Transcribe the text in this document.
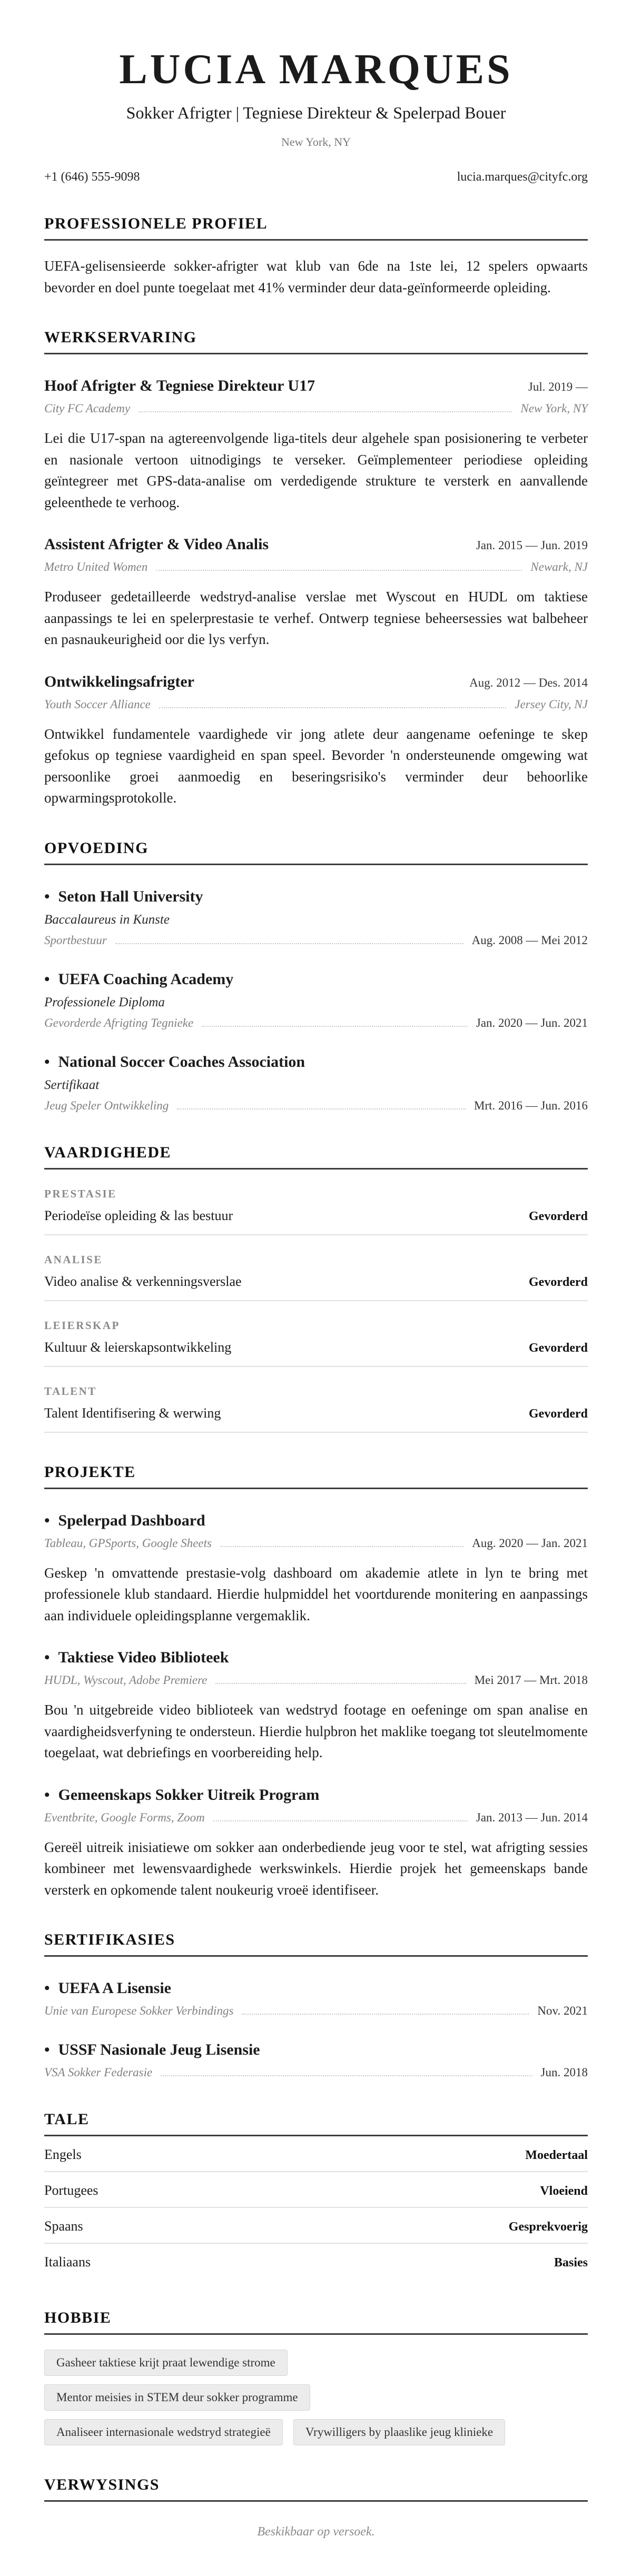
LUCIA MARQUES
Sokker Afrigter | Tegniese Direkteur & Spelerpad Bouer
New York, NY
+1 (646) 555-9098	lucia.marques@cityfc.org
PROFESSIONELE PROFIEL

UEFA-gelisensieerde sokker-afrigter wat klub van 6de na 1ste lei, 12 spelers opwaarts bevorder en doel punte toegelaat met 41% verminder deur data-geïnformeerde opleiding.

WERKSERVARING
Hoof Afrigter & Tegniese Direkteur U17	Jul. 2019 —
City FC Academy	New York, NY

Lei die U17-span na agtereenvolgende liga-titels deur algehele span posisionering te verbeter en nasionale vertoon uitnodigings te verseker. Geïmplementeer periodiese opleiding geïntegreer met GPS-data-analise om verdedigende strukture te versterk en aanvallende geleenthede te verhoog.

Assistent Afrigter & Video Analis	Jan. 2015 — Jun. 2019
Metro United Women	Newark, NJ

Produseer gedetailleerde wedstryd-analise verslae met Wyscout en HUDL om taktiese aanpassings te lei en spelerprestasie te verhef. Ontwerp tegniese beheersessies wat balbeheer en pasnaukeurigheid oor die lys verfyn.

Ontwikkelingsafrigter	Aug. 2012 — Des. 2014
Youth Soccer Alliance	Jersey City, NJ

Ontwikkel fundamentele vaardighede vir jong atlete deur aangename oefeninge te skep gefokus op tegniese vaardigheid en span speel. Bevorder 'n ondersteunende omgewing wat persoonlike groei aanmoedig en beseringsrisiko's verminder deur behoorlike opwarmingsprotokolle.

OPVOEDING
• Seton Hall University
Baccalaureus in Kunste
Sportbestuur	Aug. 2008 — Mei 2012
• UEFA Coaching Academy
Professionele Diploma
Gevorderde Afrigting Tegnieke	Jan. 2020 — Jun. 2021
• National Soccer Coaches Association
Sertifikaat
Jeug Speler Ontwikkeling	Mrt. 2016 — Jun. 2016
VAARDIGHEDE
PRESTASIE
Periodeïse opleiding & las bestuur	Gevorderd
ANALISE
Video analise & verkenningsverslae	Gevorderd
LEIERSKAP
Kultuur & leierskapsontwikkeling	Gevorderd
TALENT
Talent Identifisering & werwing	Gevorderd
PROJEKTE
• Spelerpad Dashboard
Tableau, GPSports, Google Sheets	Aug. 2020 — Jan. 2021

Geskep 'n omvattende prestasie-volg dashboard om akademie atlete in lyn te bring met professionele klub standaard. Hierdie hulpmiddel het voortdurende monitering en aanpassings aan individuele opleidingsplanne vergemaklik.

• Taktiese Video Biblioteek
HUDL, Wyscout, Adobe Premiere	Mei 2017 — Mrt. 2018

Bou 'n uitgebreide video biblioteek van wedstryd footage en oefeninge om span analise en vaardigheidsverfyning te ondersteun. Hierdie hulpbron het maklike toegang tot sleutelmomente toegelaat, wat debriefings en voorbereiding help.

• Gemeenskaps Sokker Uitreik Program
Eventbrite, Google Forms, Zoom	Jan. 2013 — Jun. 2014

Gereël uitreik inisiatiewe om sokker aan onderbediende jeug voor te stel, wat afrigting sessies kombineer met lewensvaardighede werkswinkels. Hierdie projek het gemeenskaps bande versterk en opkomende talent noukeurig vroeë identifiseer.

SERTIFIKASIES
• UEFA A Lisensie
Unie van Europese Sokker Verbindings	Nov. 2021
• USSF Nasionale Jeug Lisensie
VSA Sokker Federasie	Jun. 2018
TALE
Engels	Moedertaal
Portugees	Vloeiend
Spaans	Gesprekvoerig
Italiaans	Basies
HOBBIE
Gasheer taktiese krijt praat lewendige strome
Mentor meisies in STEM deur sokker programme
Analiseer internasionale wedstryd strategieë	Vrywilligers by plaaslike jeug klinieke
VERWYSINGS
Beskikbaar op versoek.
